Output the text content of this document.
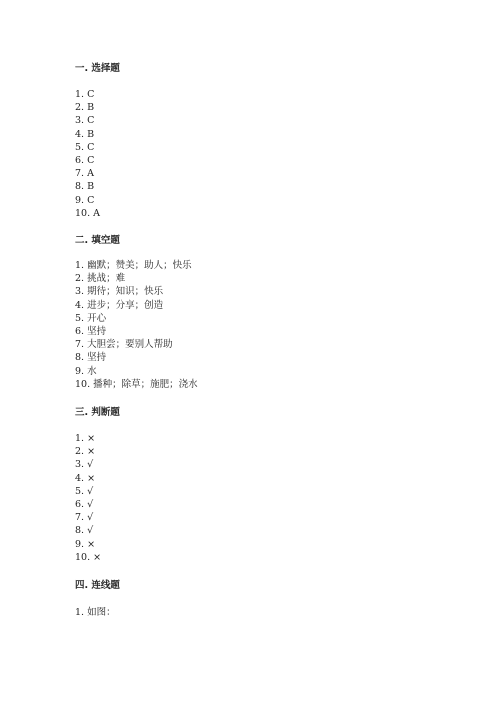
一. 选择题
1. C
2. B
3. C
4. B
5. C
6. C
7. A
8. B
9. C
10. A
二. 填空题
1. 幽默；赞美；助人；快乐
2. 挑战；难
3. 期待；知识；快乐
4. 进步；分享；创造
5. 开心
6. 坚持
7. 大胆尝；要别人帮助
8. 坚持
9. 水
10. 播种；除草；施肥；浇水
三. 判断题
1. ×
2. ×
3. √
4. ×
5. √
6. √
7. √
8. √
9. ×
10. ×
四. 连线题
1. 如图：
